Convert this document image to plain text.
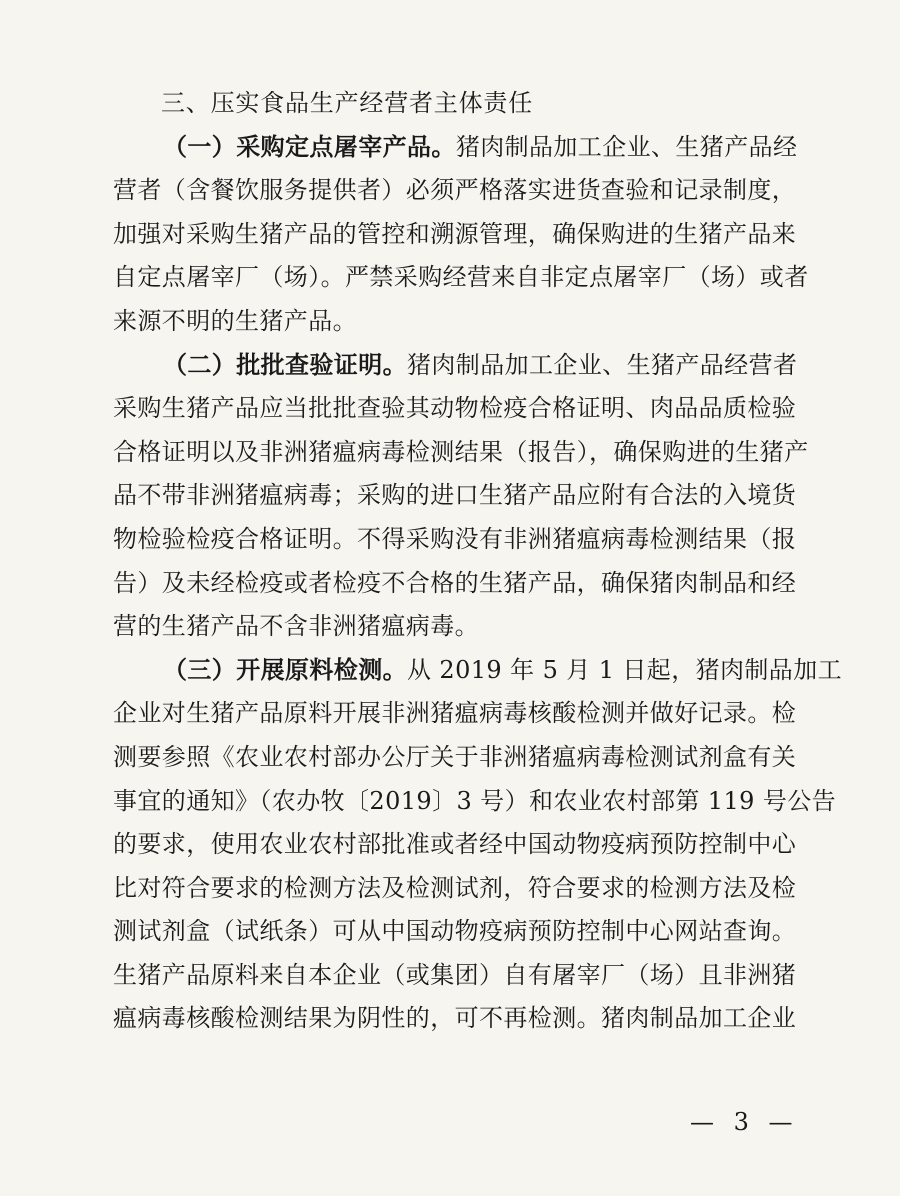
三、压实食品生产经营者主体责任
（一）采购定点屠宰产品。猪肉制品加工企业、生猪产品经
营者（含餐饮服务提供者）必须严格落实进货查验和记录制度，
加强对采购生猪产品的管控和溯源管理，确保购进的生猪产品来
自定点屠宰厂（场）。严禁采购经营来自非定点屠宰厂（场）或者
来源不明的生猪产品。
（二）批批查验证明。猪肉制品加工企业、生猪产品经营者
采购生猪产品应当批批查验其动物检疫合格证明、肉品品质检验
合格证明以及非洲猪瘟病毒检测结果（报告），确保购进的生猪产
品不带非洲猪瘟病毒；采购的进口生猪产品应附有合法的入境货
物检验检疫合格证明。不得采购没有非洲猪瘟病毒检测结果（报
告）及未经检疫或者检疫不合格的生猪产品，确保猪肉制品和经
营的生猪产品不含非洲猪瘟病毒。
（三）开展原料检测。从 2019 年 5 月 1 日起，猪肉制品加工
企业对生猪产品原料开展非洲猪瘟病毒核酸检测并做好记录。检
测要参照《农业农村部办公厅关于非洲猪瘟病毒检测试剂盒有关
事宜的通知》（农办牧〔2019〕3 号）和农业农村部第 119 号公告
的要求，使用农业农村部批准或者经中国动物疫病预防控制中心
比对符合要求的检测方法及检测试剂，符合要求的检测方法及检
测试剂盒（试纸条）可从中国动物疫病预防控制中心网站查询。
生猪产品原料来自本企业（或集团）自有屠宰厂（场）且非洲猪
瘟病毒核酸检测结果为阴性的，可不再检测。猪肉制品加工企业
— 3 —
